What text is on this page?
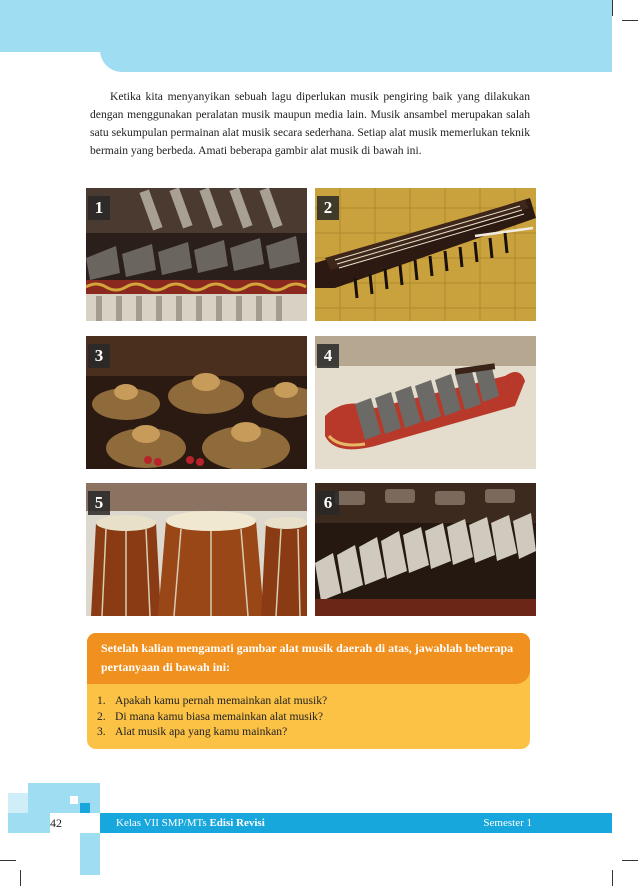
Ketika kita menyanyikan sebuah lagu diperlukan musik pengiring baik yang dilakukan dengan menggunakan peralatan musik maupun media lain. Musik ansambel merupakan salah satu sekumpulan permainan alat musik secara sederhana. Setiap alat musik memerlukan teknik bermain yang berbeda. Amati beberapa gambir alat musik di bawah ini.

1	2
3	4
5	6
Setelah kalian mengamati gambar alat musik daerah di atas, jawablah beberapa pertanyaan di bawah ini:
1. Apakah kamu pernah memainkan alat musik?
2. Di mana kamu biasa memainkan alat musik?
3. Alat musik apa yang kamu mainkan?
42	Kelas VII SMP/MTs Edisi Revisi	Semester 1
